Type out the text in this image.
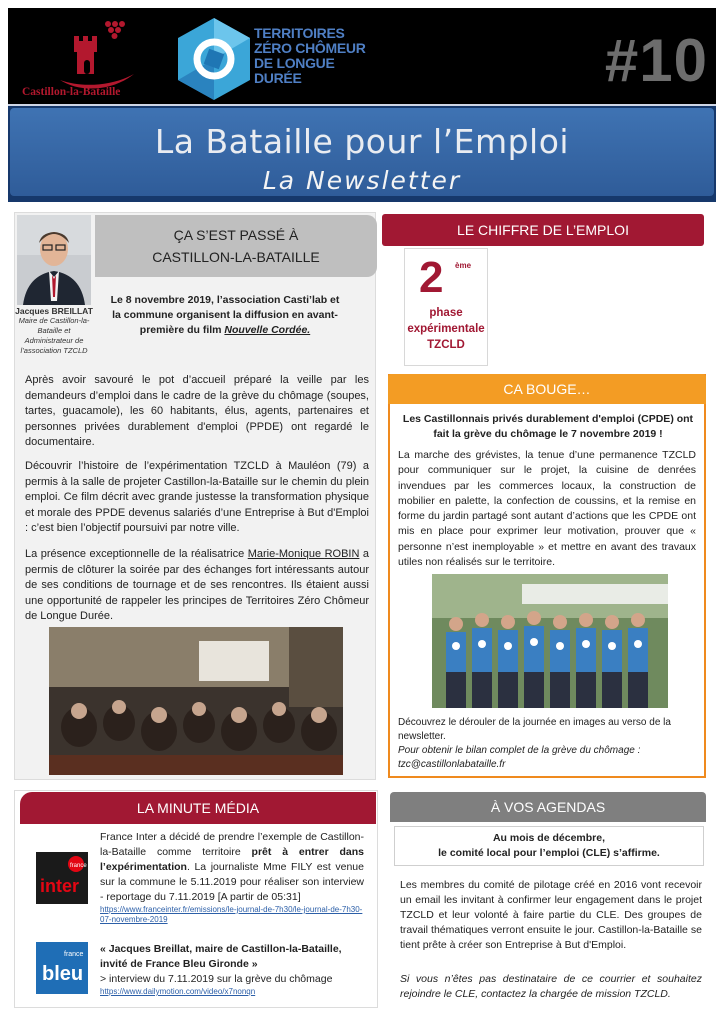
Castillon-la-Bataille
TERRITOIRES
ZÉRO CHÔMEUR
DE LONGUE
DURÉE	#10
La Bataille pour l’Emploi
La Newsletter
Jacques BREILLAT
Maire de Castillon-la-Bataille et Administrateur de l’association TZCLD
ÇA S’EST PASSÉ À
CASTILLON-LA-BATAILLE
Le 8 novembre 2019, l’association Casti’lab et la commune organisent la diffusion en avant-première du film Nouvelle Cordée.

Après avoir savouré le pot d’accueil préparé la veille par les demandeurs d’emploi dans le cadre de la grève du chômage (soupes, tartes, guacamole), les 60 habitants, élus, agents, partenaires et personnes privées durablement d'emploi (PPDE) ont regardé le documentaire.

Découvrir l’histoire de l’expérimentation TZCLD à Mauléon (79) a permis à la salle de projeter Castillon-la-Bataille sur le chemin du plein emploi. Ce film décrit avec grande justesse la transformation physique et morale des PPDE devenus salariés d’une Entreprise à But d'Emploi : c’est bien l’objectif poursuivi par notre ville.

La présence exceptionnelle de la réalisatrice Marie-Monique ROBIN a permis de clôturer la soirée par des échanges fort intéressants autour de ses conditions de tournage et de ses rencontres. Ils étaient aussi une opportunité de rappeler les principes de Territoires Zéro Chômeur de Longue Durée.

LE CHIFFRE DE L’EMPLOI
2 ème
phase
expérimentale
TZCLD
CA BOUGE…
Les Castillonnais privés durablement d'emploi (CPDE) ont fait la grève du chômage le 7 novembre 2019 !

La marche des grévistes, la tenue d’une permanence TZCLD pour communiquer sur le projet, la cuisine de denrées invendues par les commerces locaux, la construction de mobilier en palette, la confection de coussins, et la remise en forme du jardin partagé sont autant d’actions que les CPDE ont mis en place pour exprimer leur motivation, prouver que « personne n’est inemployable » et mettre en avant des travaux utiles non réalisés sur le territoire.

Découvrez le dérouler de la journée en images au verso de la newsletter.
Pour obtenir le bilan complet de la grève du chômage : tzc@castillonlabataille.fr
LA MINUTE MÉDIA
france
inter
France Inter a décidé de prendre l’exemple de Castillon-la-Bataille comme territoire prêt à entrer dans l’expérimentation. La journaliste Mme FILY est venue sur la commune le 5.11.2019 pour réaliser son interview - reportage du 7.11.2019 [A partir de 05:31]
https://www.franceinter.fr/emissions/le-journal-de-7h30/le-journal-de-7h30-07-novembre-2019
france
bleu
« Jacques Breillat, maire de Castillon-la-Bataille, invité de France Bleu Gironde »
> interview du 7.11.2019 sur la grève du chômage
https://www.dailymotion.com/video/x7nonqn
À VOS AGENDAS
Au mois de décembre,
le comité local pour l’emploi (CLE) s’affirme.

Les membres du comité de pilotage créé en 2016 vont recevoir un email les invitant à confirmer leur engagement dans le projet TZCLD et leur volonté à faire partie du CLE. Des groupes de travail thématiques verront ensuite le jour. Castillon-la-Bataille se tient prête à créer son Entreprise à But d'Emploi.

Si vous n’êtes pas destinataire de ce courrier et souhaitez rejoindre le CLE, contactez la chargée de mission TZCLD.
